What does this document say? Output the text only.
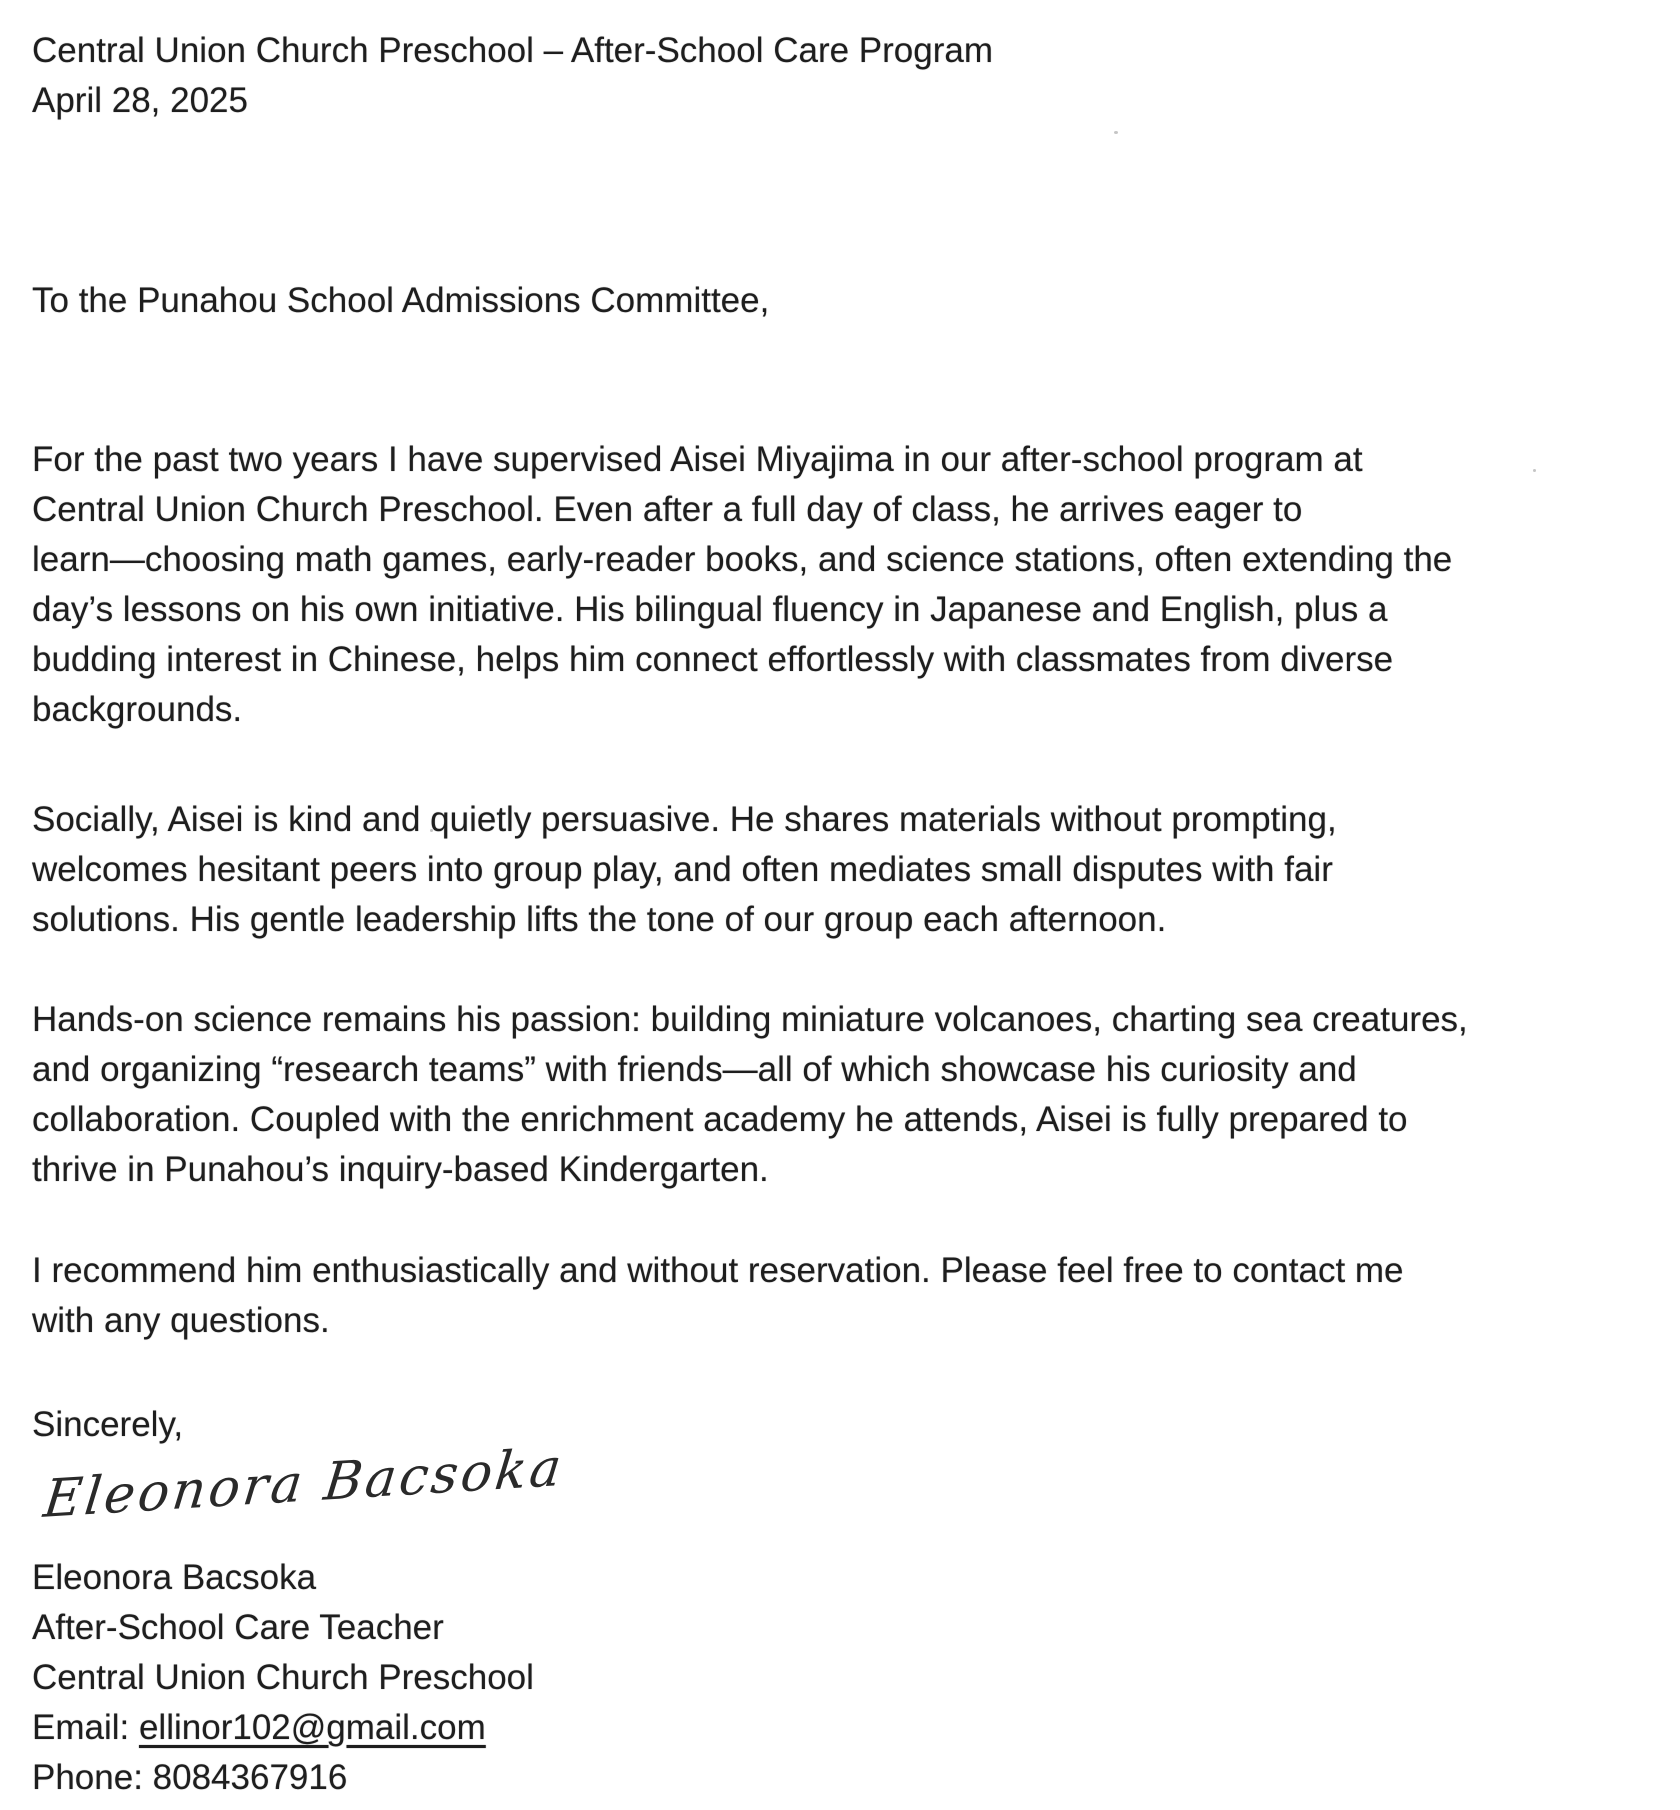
Central Union Church Preschool – After-School Care Program
April 28, 2025
To the Punahou School Admissions Committee,
For the past two years I have supervised Aisei Miyajima in our after-school program at
Central Union Church Preschool. Even after a full day of class, he arrives eager to
learn—choosing math games, early-reader books, and science stations, often extending the
day’s lessons on his own initiative. His bilingual fluency in Japanese and English, plus a
budding interest in Chinese, helps him connect effortlessly with classmates from diverse
backgrounds.
Socially, Aisei is kind and quietly persuasive. He shares materials without prompting,
welcomes hesitant peers into group play, and often mediates small disputes with fair
solutions. His gentle leadership lifts the tone of our group each afternoon.
Hands-on science remains his passion: building miniature volcanoes, charting sea creatures,
and organizing “research teams” with friends—all of which showcase his curiosity and
collaboration. Coupled with the enrichment academy he attends, Aisei is fully prepared to
thrive in Punahou’s inquiry-based Kindergarten.
I recommend him enthusiastically and without reservation. Please feel free to contact me
with any questions.
Sincerely,
Eleonora Bacsoka
Eleonora Bacsoka
After-School Care Teacher
Central Union Church Preschool
Email: ellinor102@gmail.com
Phone: 8084367916
